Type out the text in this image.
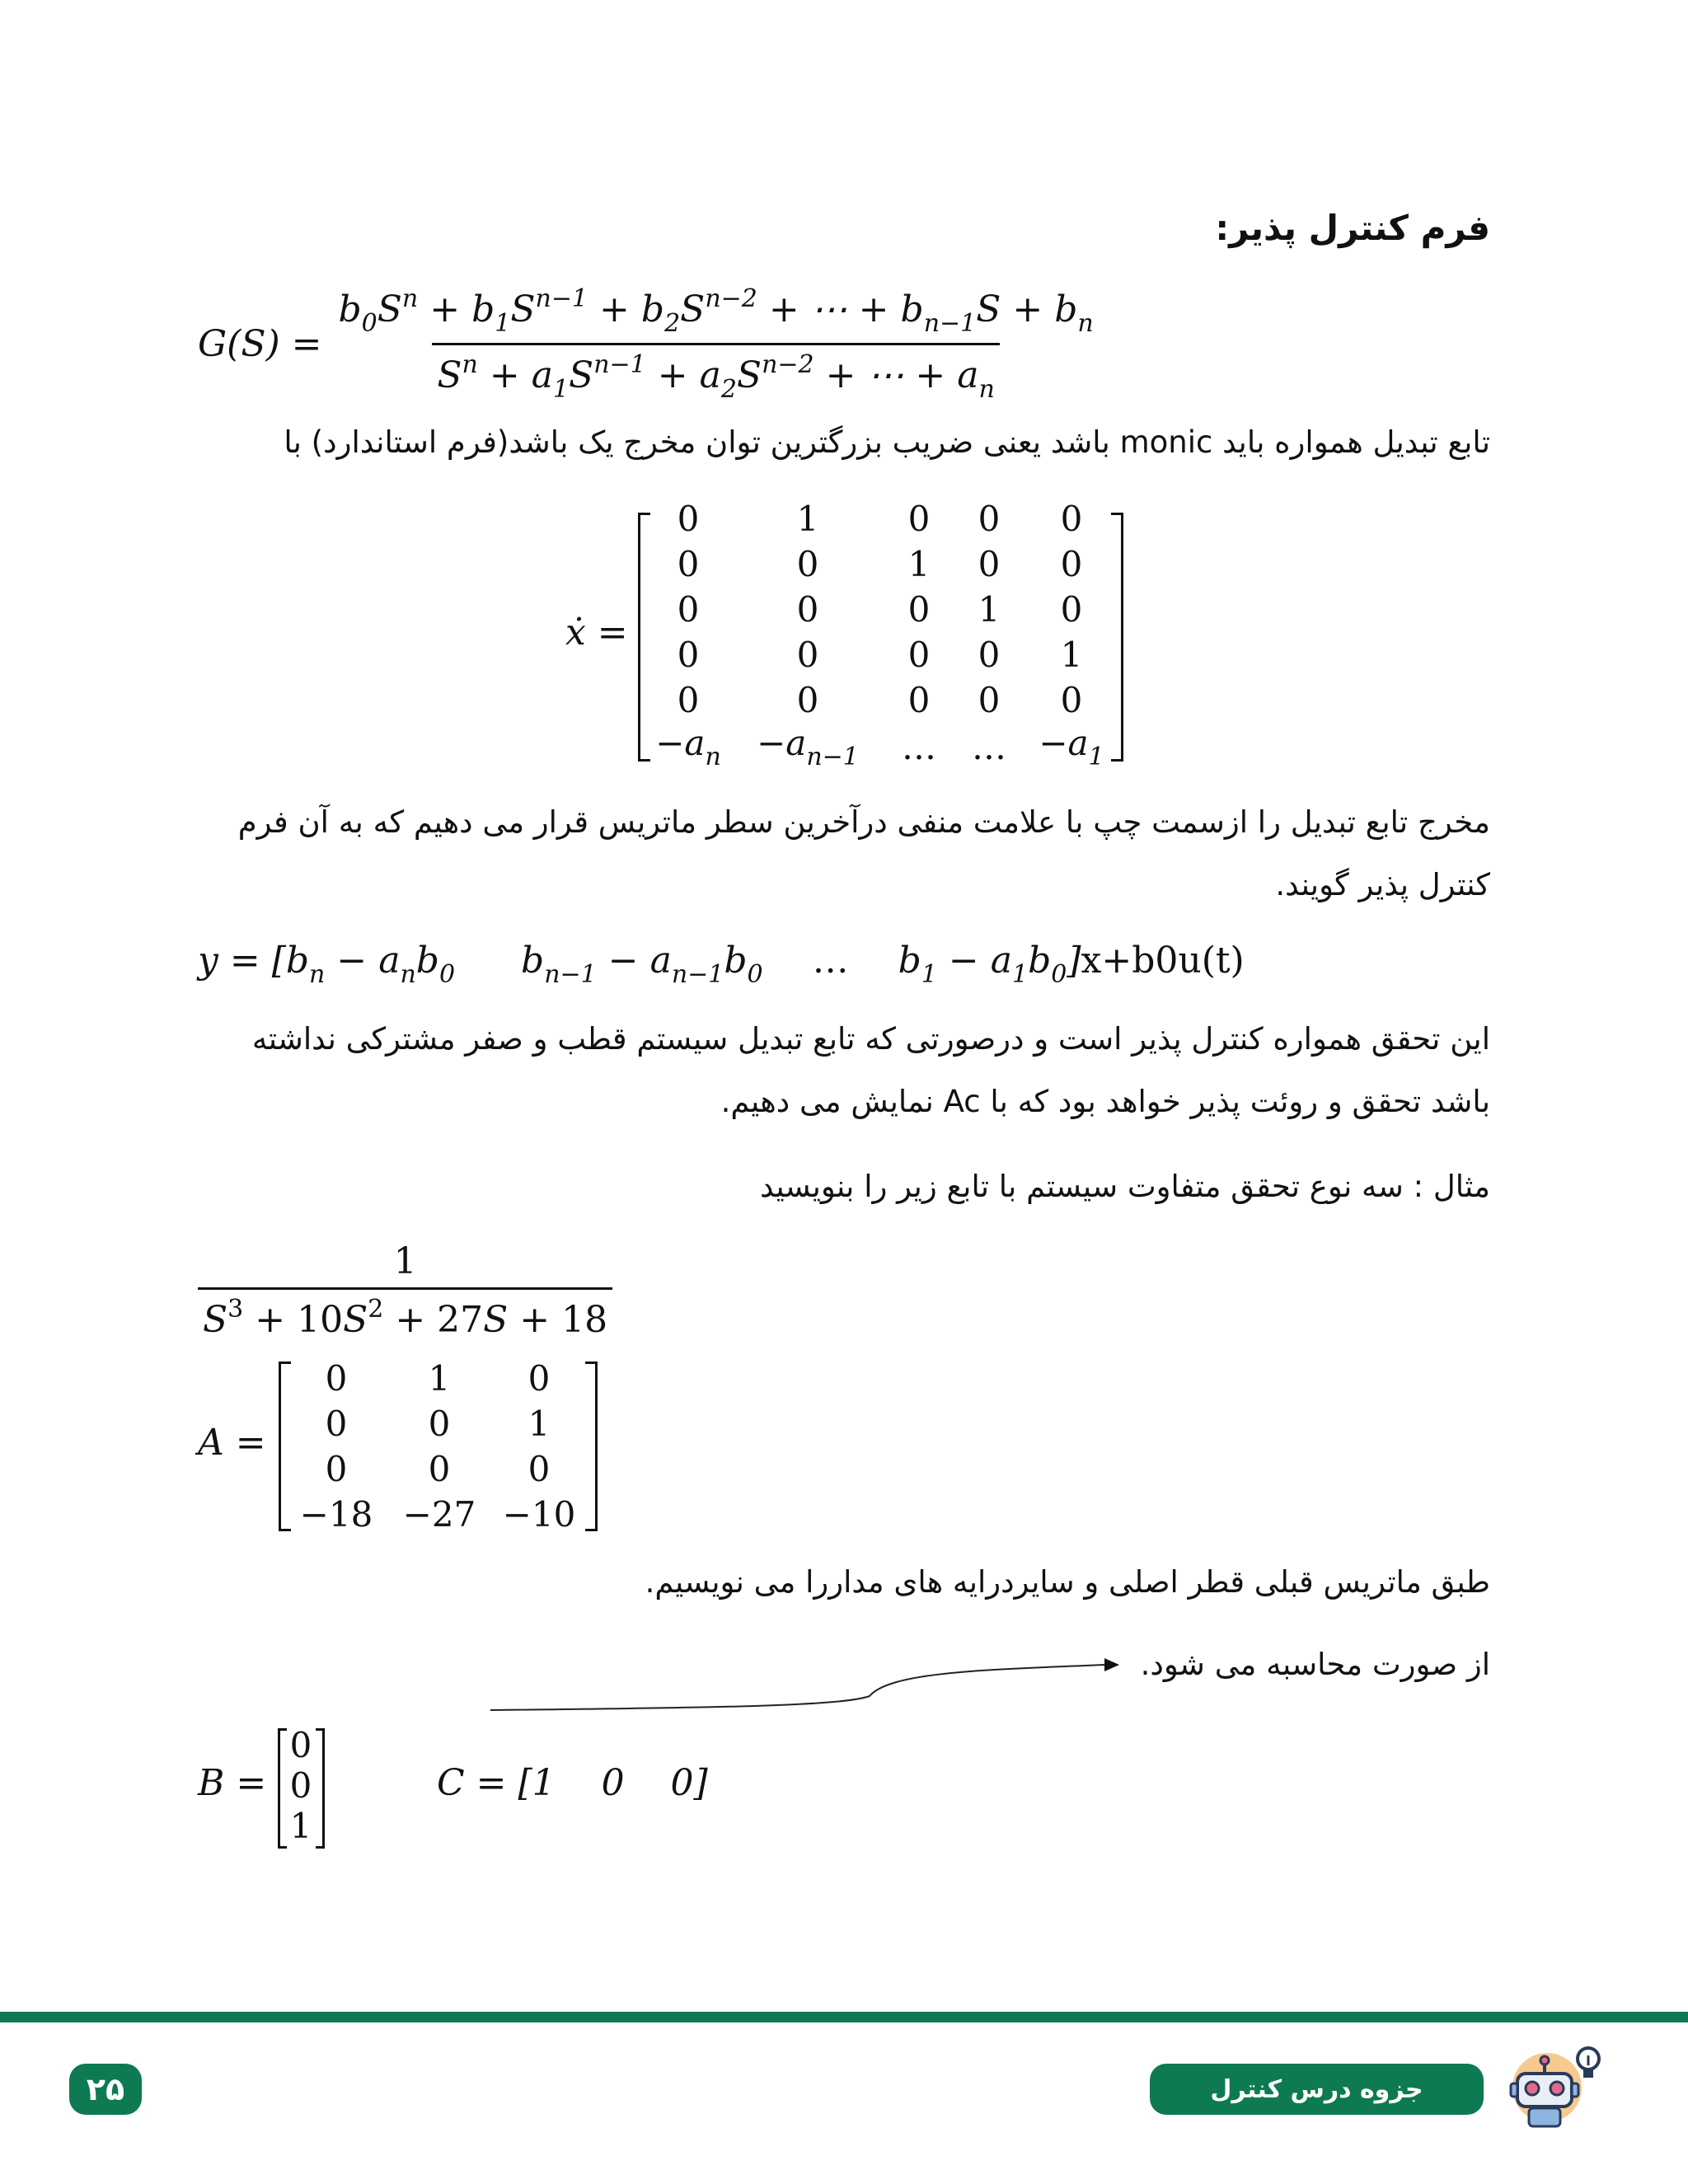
فرم کنترل پذیر:
$G(S) = \frac{b_0S^n + b_1S^{n-1} + b_2S^{n-2} + \cdots + b_{n-1}S + b_n}{S^n + a_1S^{n-1} + a_2S^{n-2} + \cdots + a_n}$
تابع تبدیل همواره باید monic باشد یعنی ضریب بزرگترین توان مخرج یک باشد(فرم استاندارد) با
ẋ =
0	1	0	0	0
0	0	1	0	0
0	0	0	1	0
0	0	0	0	1
0	0	0	0	0
$-a_n$	$-a_{n-1}$	…	…	$-a_1$
مخرج تابع تبدیل را ازسمت چپ با علامت منفی درآخرین سطر ماتریس قرار می دهیم که به آن فرم
کنترل پذیر گویند.
$y = [b_n - a_nb_0$ $b_{n-1} - a_{n-1}b_0$ … $b_1 - a_1b_0]x+b0u(t)$
این تحقق همواره کنترل پذیر است و درصورتی که تابع تبدیل سیستم قطب و صفر مشترکی نداشته
باشد تحقق و روئت پذیر خواهد بود که با Ac نمایش می دهیم.
مثال : سه نوع تحقق متفاوت سیستم با تابع زیر را بنویسید
$\frac{1}{S^3 + 10S^2 + 27S + 18}$
A =
0	1	0
0	0	1
0	0	0
−18	−27	−10
طبق ماتریس قبلی قطر اصلی و سایردرایه های مداررا می نویسیم.
از صورت محاسبه می شود.
B =
0
0
1
C = [1    0    0]
۲۵	جزوه درس کنترل
